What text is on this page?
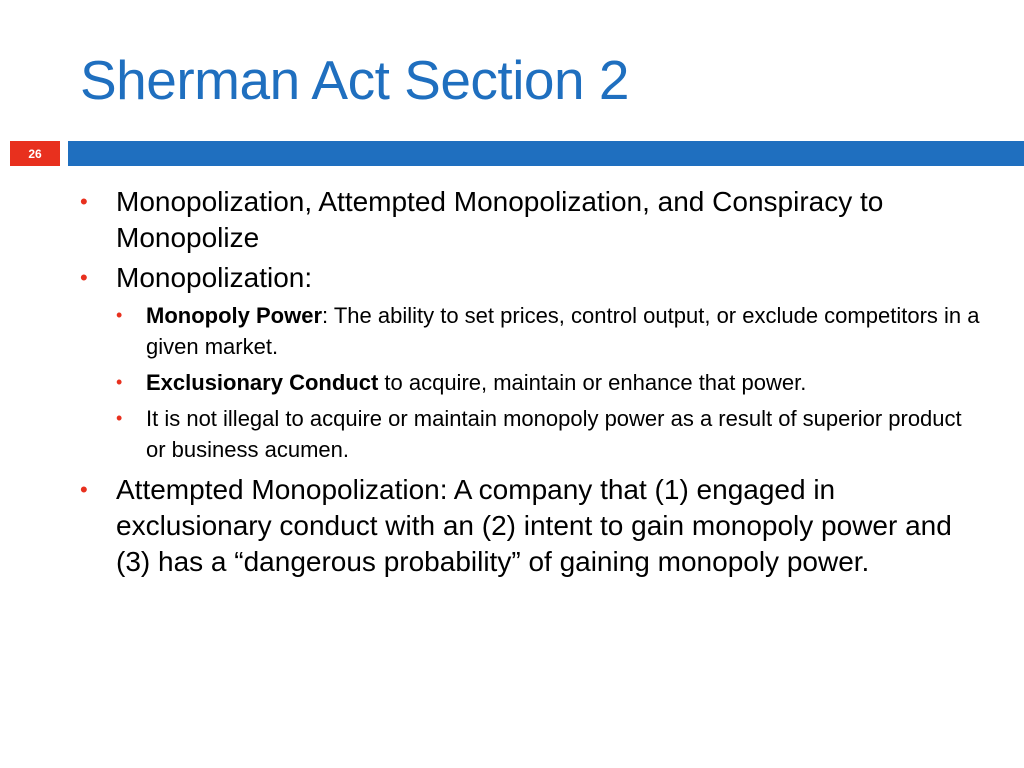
Sherman Act Section 2
26
•	Monopolization, Attempted Monopolization, and Conspiracy to Monopolize
•	Monopolization:
•	Monopoly Power: The ability to set prices, control output, or exclude competitors in a given market.
•	Exclusionary Conduct to acquire, maintain or enhance that power.
•	It is not illegal to acquire or maintain monopoly power as a result of superior product or business acumen.
•	Attempted Monopolization: A company that (1) engaged in exclusionary conduct with an (2) intent to gain monopoly power and (3) has a “dangerous probability” of gaining monopoly power.
